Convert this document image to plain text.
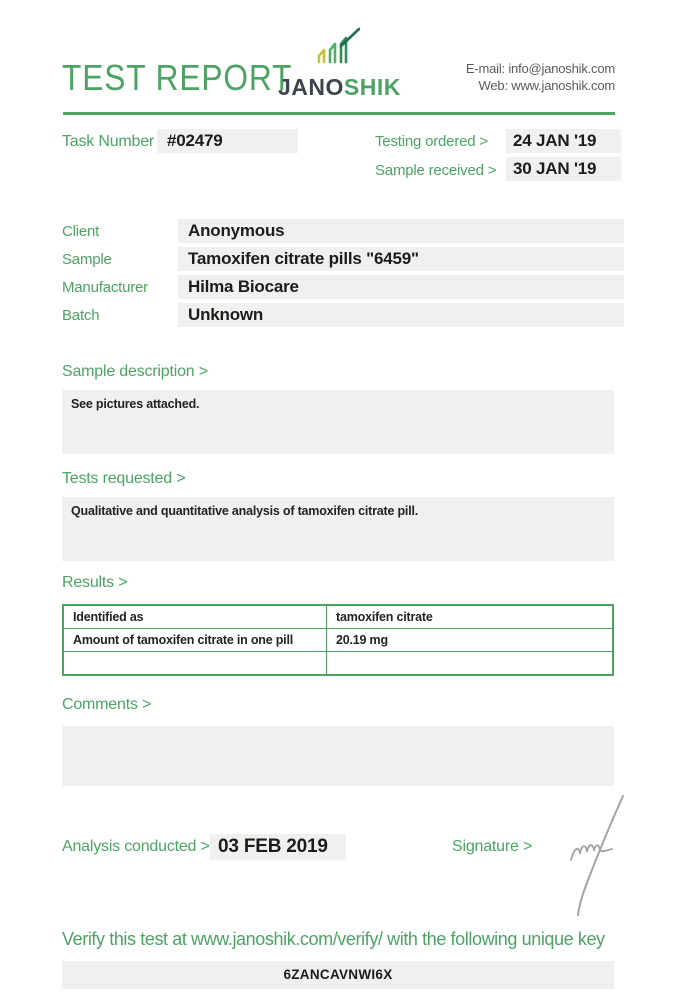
TEST REPORT
JANOSHIK
E-mail: info@janoshik.com
Web: www.janoshik.com
Task Number #02479	Testing ordered >	24 JAN '19
Sample received > 30 JAN '19
Client	Anonymous
Sample	Tamoxifen citrate pills "6459"
Manufacturer	Hilma Biocare
Batch	Unknown
Sample description >
See pictures attached.
Tests requested >
Qualitative and quantitative analysis of tamoxifen citrate pill.
Results >
Identified as	tamoxifen citrate
Amount of tamoxifen citrate in one pill	20.19 mg

Comments >
Analysis conducted > 03 FEB 2019	Signature >
Verify this test at www.janoshik.com/verify/ with the following unique key
6ZANCAVNWI6X
